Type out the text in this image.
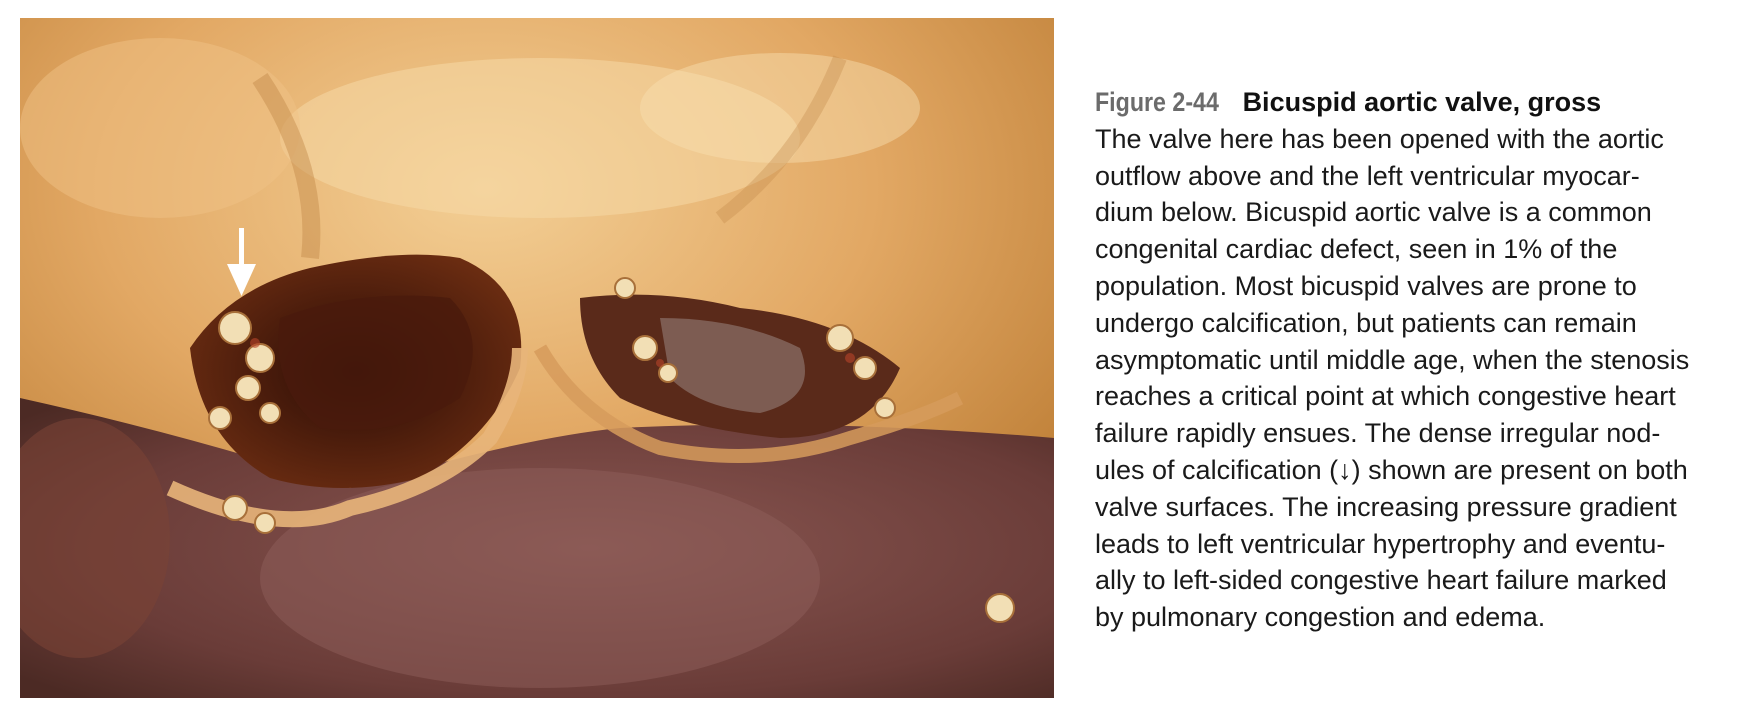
Figure 2-44 Bicuspid aortic valve, gross
The valve here has been opened with the aortic
outflow above and the left ventricular myocar-
dium below. Bicuspid aortic valve is a common
congenital cardiac defect, seen in 1% of the
population. Most bicuspid valves are prone to
undergo calcification, but patients can remain
asymptomatic until middle age, when the stenosis
reaches a critical point at which congestive heart
failure rapidly ensues. The dense irregular nod-
ules of calcification (↓) shown are present on both
valve surfaces. The increasing pressure gradient
leads to left ventricular hypertrophy and eventu-
ally to left-sided congestive heart failure marked
by pulmonary congestion and edema.
